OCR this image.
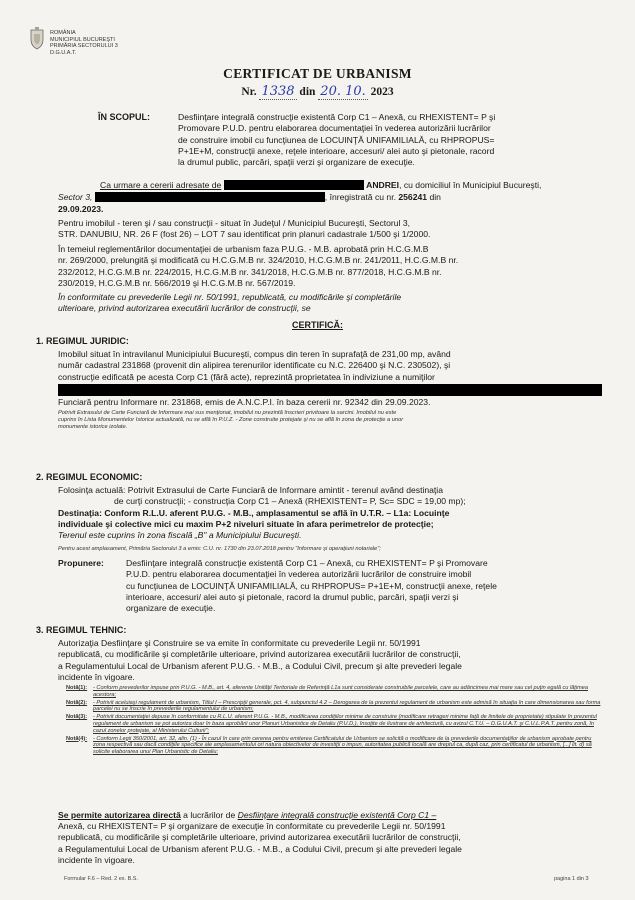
ROMÂNIA
MUNICIPIUL BUCUREŞTI
PRIMĂRIA SECTORULUI 3
D.G.U.A.T.
CERTIFICAT DE URBANISM
Nr. 1338 din 20. 10. 2023
ÎN SCOPUL:	Desfiinţare integrală construcţie existentă Corp C1 – Anexă, cu RHEXISTENT= P şi
Promovare P.U.D. pentru elaborarea documentaţiei în vederea autorizării lucrărilor
de construire imobil cu funcţiunea de LOCUINŢĂ UNIFAMILIALĂ, cu RHPROPUS=
P+1E+M, construcţii anexe, reţele interioare, accesuri/ alei auto şi pietonale, racord
la drumul public, parcări, spaţii verzi şi organizare de execuţie.
Ca urmare a cererii adresate de	ANDREI, cu domiciliul în Municipiul Bucureşti,
Sector 3,	, înregistrată cu nr. 256241 din
29.09.2023.
Pentru imobilul - teren şi / sau construcţii - situat în Judeţul / Municipiul Bucureşti, Sectorul 3,
STR. DANUBIU, NR. 26 F (fost 26) – LOT 7 sau identificat prin planuri cadastrale 1/500 şi 1/2000.
În temeiul reglementărilor documentaţiei de urbanism faza P.U.G. - M.B. aprobată prin H.C.G.M.B
nr. 269/2000, prelungită şi modificată cu H.C.G.M.B nr. 324/2010, H.C.G.M.B nr. 241/2011, H.C.G.M.B nr.
232/2012, H.C.G.M.B nr. 224/2015, H.C.G.M.B nr. 341/2018, H.C.G.M.B nr. 877/2018, H.C.G.M.B nr.
230/2019, H.C.G.M.B nr. 566/2019 şi H.C.G.M.B nr. 567/2019.
În conformitate cu prevederile Legii nr. 50/1991, republicată, cu modificările şi completările
ulterioare, privind autorizarea executării lucrărilor de construcţii, se
CERTIFICĂ:
1. REGIMUL JURIDIC:
Imobilul situat în intravilanul Municipiului Bucureşti, compus din teren în suprafaţă de 231,00 mp, având
număr cadastral 231868 (provenit din alipirea terenurilor identificate cu N.C. 226400 şi N.C. 230502), şi
construcţie edificată pe acesta Corp C1 (fără acte), reprezintă proprietatea în indiviziune a numiţilor
Funciară pentru Informare nr. 231868, emis de A.N.C.P.I. în baza cererii nr. 92342 din 29.09.2023.
Potrivit Extrasului de Carte Funciară de Informare mai sus menţionat, imobilul nu prezintă înscrieri privitoare la sarcini. Imobilul nu este
cuprins în Lista Monumentelor Istorice actualizată, nu se află în P.U.Z. - Zone construite protejate şi nu se află în zona de protecţie a unor
monumente istorice izolate.
2. REGIMUL ECONOMIC:
Folosinţa actuală: Potrivit Extrasului de Carte Funciară de Informare amintit - terenul având destinaţia
de curţi construcţii; - construcţia Corp C1 – Anexă (RHEXISTENT= P, Sc= SDC = 19,00 mp);
Destinaţia: Conform R.L.U. aferent P.U.G. - M.B., amplasamentul se află în U.T.R. – L1a: Locuinţe
individuale şi colective mici cu maxim P+2 niveluri situate în afara perimetrelor de protecţie;
Terenul este cuprins în zona fiscală „B" a Municipiului Bucureşti.
Pentru acest amplasament, Primăria Sectorului 3 a emis: C.U. nr. 1730 din 23.07.2018 pentru "Informare şi operaţiuni notariale";
Propunere:	Desfiinţare integrală construcţie existentă Corp C1 – Anexă, cu RHEXISTENT= P şi Promovare
P.U.D. pentru elaborarea documentaţiei în vederea autorizării lucrărilor de construire imobil
cu funcţiunea de LOCUINŢĂ UNIFAMILIALĂ, cu RHPROPUS= P+1E+M, construcţii anexe, reţele
interioare, accesuri/ alei auto şi pietonale, racord la drumul public, parcări, spaţii verzi şi
organizare de execuţie.
3. REGIMUL TEHNIC:
Autorizaţia Desfiinţare şi Construire se va emite în conformitate cu prevederile Legii nr. 50/1991
republicată, cu modificările şi completările ulterioare, privind autorizarea executării lucrărilor de construcţii,
a Regulamentului Local de Urbanism aferent P.U.G. - M.B., a Codului Civil, precum şi alte prevederi legale
incidente în vigoare.
Notă(1):	- Conform prevederilor impuse prin P.U.G. - M.B., art. 4, aferente Unităţii Teritoriale de Referinţă L1a sunt considerate construibile parcelele, care au adâncimea mai mare sau cel puţin egală cu lăţimea acestora;
Notă(2):	- Potrivit aceluiaşi regulament de urbanism, Titlul I – Prescripţii generale, pct. 4, subpunctul 4.2 – Derogarea de la prezentul regulament de urbanism este admisă în situaţia în care dimensionarea sau forma parcelei nu se înscrie în prevederile regulamentului de urbanism;
Notă(3):	- Potrivit documentaţiei depuse în conformitate cu R.L.U. aferent P.U.G. - M.B., modificarea condiţiilor minime de construire (modificare retrageri minime faţă de limitele de proprietate) stipulate în prezentul regulament de urbanism se pot autoriza doar în baza aprobării unor Planuri Urbanistice de Detaliu (P.U.D.), însoţite de ilustrare de arhitectură, cu avizul C.T.U. – D.G.U.A.T. şi C.U.L.P.A.T. pentru zonă, în cazul zonelor protejate, al Ministerului Culturii";
Notă(4):	- Conform Legii 350/2001, art. 32, alin. (1) - În cazul în care prin cererea pentru emiterea Certificatului de Urbanism se solicită o modificare de la prevederile documentaţiilor de urbanism aprobate pentru zona respectivă sau dacă condiţiile specifice ale amplasamentului ori natura obiectivelor de investiţii o impun, autoritatea publică locală are dreptul ca, după caz, prin certificatul de urbanism, [...] lit. d) să solicite elaborarea unui Plan Urbanistic de Detaliu;
Se permite autorizarea directă a lucrărilor de Desfiinţare integrală construcţie existentă Corp C1 –
Anexă, cu RHEXISTENT= P şi organizare de execuţie în conformitate cu prevederile Legii nr. 50/1991
republicată, cu modificările şi completările ulterioare, privind autorizarea executării lucrărilor de construcţii,
a Regulamentului Local de Urbanism aferent P.U.G. - M.B., a Codului Civil, precum şi alte prevederi legale
incidente în vigoare.
Formular F.6 – Red. 2 ex. B.S.	pagina 1 din 3
